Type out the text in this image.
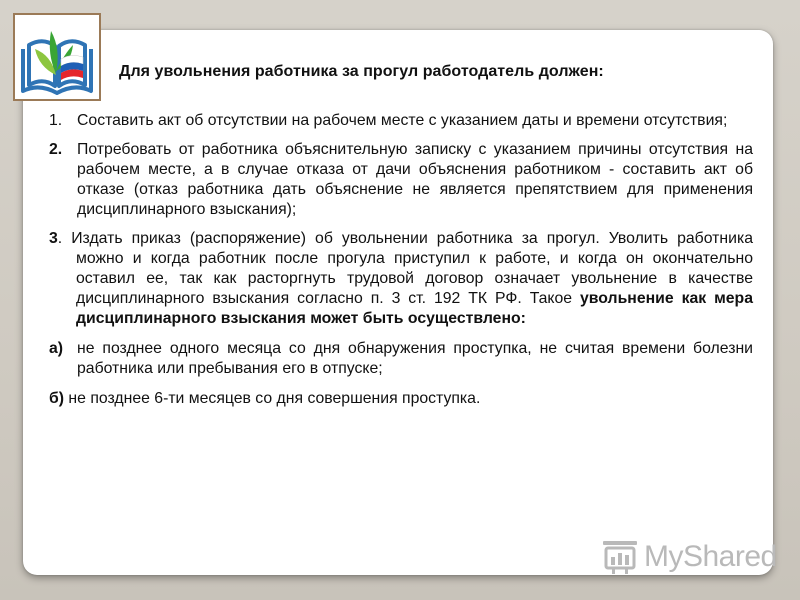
Для увольнения работника за прогул работодатель должен:
1. Составить акт об отсутствии на рабочем месте с указанием даты и времени отсутствия;
2. Потребовать от работника объяснительную записку с указанием причины отсутствия на рабочем месте, а в случае отказа от дачи объяснения работником - составить акт об отказе (отказ работника дать объяснение не является препятствием для применения дисциплинарного взыскания);
3. Издать приказ (распоряжение) об увольнении работника за прогул. Уволить работника можно и когда работник после прогула приступил к работе, и когда он окончательно оставил ее, так как расторгнуть трудовой договор означает увольнение в качестве дисциплинарного взыскания согласно п. 3 ст. 192 ТК РФ. Такое увольнение как мера дисциплинарного взыскания может быть осуществлено:
а) не позднее одного месяца со дня обнаружения проступка, не считая времени болезни работника или пребывания его в отпуске;
б) не позднее 6-ти месяцев со дня совершения проступка.
MyShared
